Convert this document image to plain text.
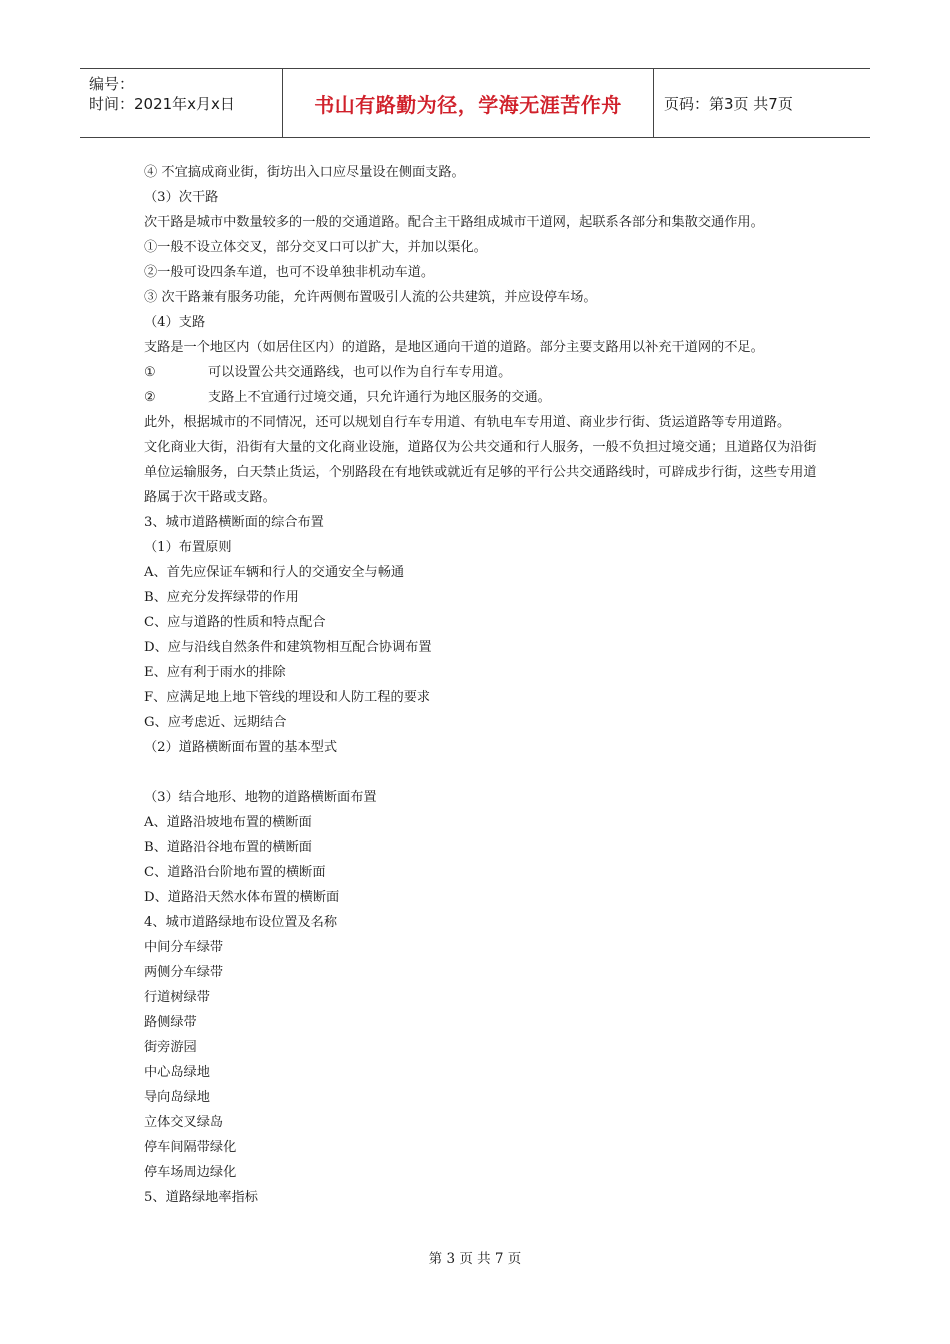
编号：
时间：2021年x月x日	书山有路勤为径，学海无涯苦作舟	页码：第3页 共7页

④ 不宜搞成商业街，街坊出入口应尽量设在侧面支路。

（3）次干路

次干路是城市中数量较多的一般的交通道路。配合主干路组成城市干道网，起联系各部分和集散交通作用。

①一般不设立体交叉，部分交叉口可以扩大，并加以渠化。

②一般可设四条车道，也可不设单独非机动车道。

③ 次干路兼有服务功能，允许两侧布置吸引人流的公共建筑，并应设停车场。

（4）支路

支路是一个地区内（如居住区内）的道路，是地区通向干道的道路。部分主要支路用以补充干道网的不足。

①	可以设置公共交通路线，也可以作为自行车专用道。
②	支路上不宜通行过境交通，只允许通行为地区服务的交通。

此外，根据城市的不同情况，还可以规划自行车专用道、有轨电车专用道、商业步行街、货运道路等专用道路。

文化商业大街，沿街有大量的文化商业设施，道路仅为公共交通和行人服务，一般不负担过境交通；且道路仅为沿街单位运输服务，白天禁止货运，个别路段在有地铁或就近有足够的平行公共交通路线时，可辟成步行街，这些专用道路属于次干路或支路。

3、城市道路横断面的综合布置

（1）布置原则

A、首先应保证车辆和行人的交通安全与畅通

B、应充分发挥绿带的作用

C、应与道路的性质和特点配合

D、应与沿线自然条件和建筑物相互配合协调布置

E、应有利于雨水的排除

F、应满足地上地下管线的埋设和人防工程的要求

G、应考虑近、远期结合

（2）道路横断面布置的基本型式

（3）结合地形、地物的道路横断面布置

A、道路沿坡地布置的横断面

B、道路沿谷地布置的横断面

C、道路沿台阶地布置的横断面

D、道路沿天然水体布置的横断面

4、城市道路绿地布设位置及名称

中间分车绿带

两侧分车绿带

行道树绿带

路侧绿带

街旁游园

中心岛绿地

导向岛绿地

立体交叉绿岛

停车间隔带绿化

停车场周边绿化

5、道路绿地率指标

第 3 页 共 7 页
